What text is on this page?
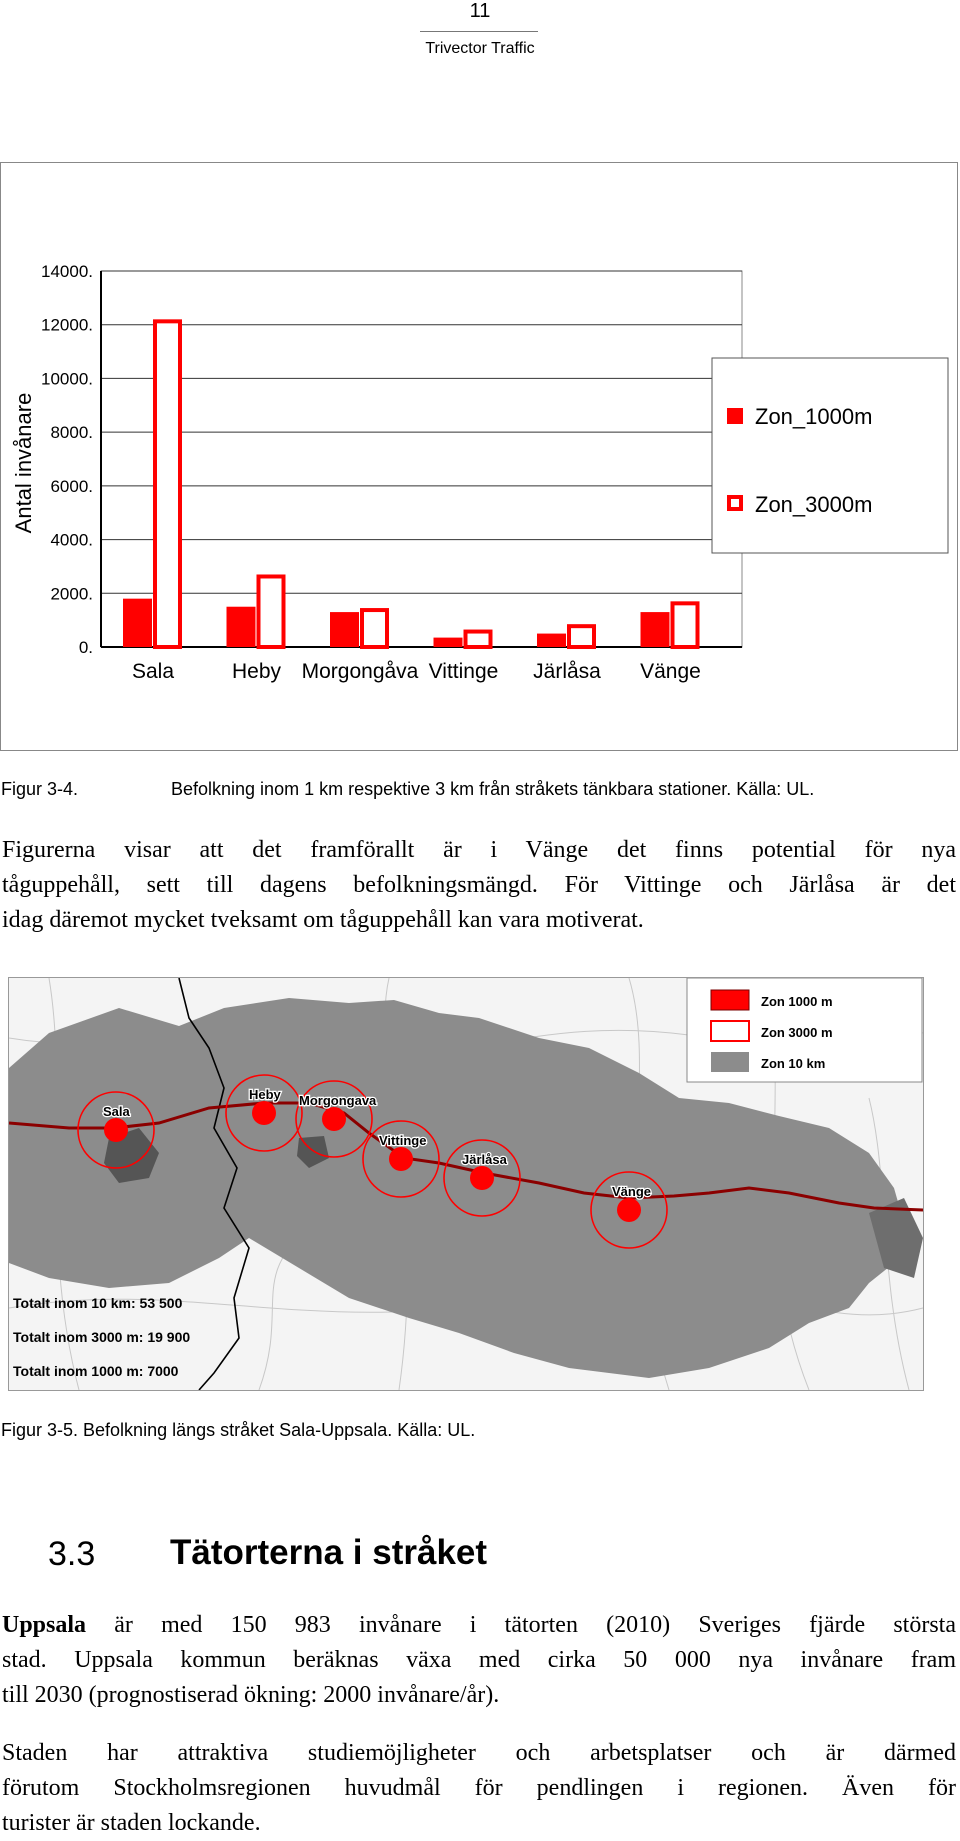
11
Trivector Traffic
0.
2000.
4000.
6000.
8000.
10000.
12000.
14000.
Antal invånare
Sala	Heby Morgongåva Vittinge Järlåsa Vänge
Zon_1000m
Zon_3000m
Figur 3-4.	Befolkning inom 1 km respektive 3 km från stråkets tänkbara stationer. Källa: UL.
Figurerna visar att det framförallt är i Vänge det finns potential för nya
tåguppehåll, sett till dagens befolkningsmängd. För Vittinge och Järlåsa är det
idag däremot mycket tveksamt om tåguppehåll kan vara motiverat.
Sala
Heby Morgongava
Vittinge
Järlåsa
Vänge
Zon 1000 m
Zon 3000 m
Zon 10 km
Totalt inom 10 km: 53 500
Totalt inom 3000 m: 19 900
Totalt inom 1000 m: 7000
Figur 3-5. Befolkning längs stråket Sala-Uppsala. Källa: UL.
3.3 Tätorterna i stråket
Uppsala är med 150 983 invånare i tätorten (2010) Sveriges fjärde största
stad. Uppsala kommun beräknas växa med cirka 50 000 nya invånare fram
till 2030 (prognostiserad ökning: 2000 invånare/år).
Staden har attraktiva studiemöjligheter och arbetsplatser och är därmed
förutom Stockholmsregionen huvudmål för pendlingen i regionen. Även för
turister är staden lockande.
